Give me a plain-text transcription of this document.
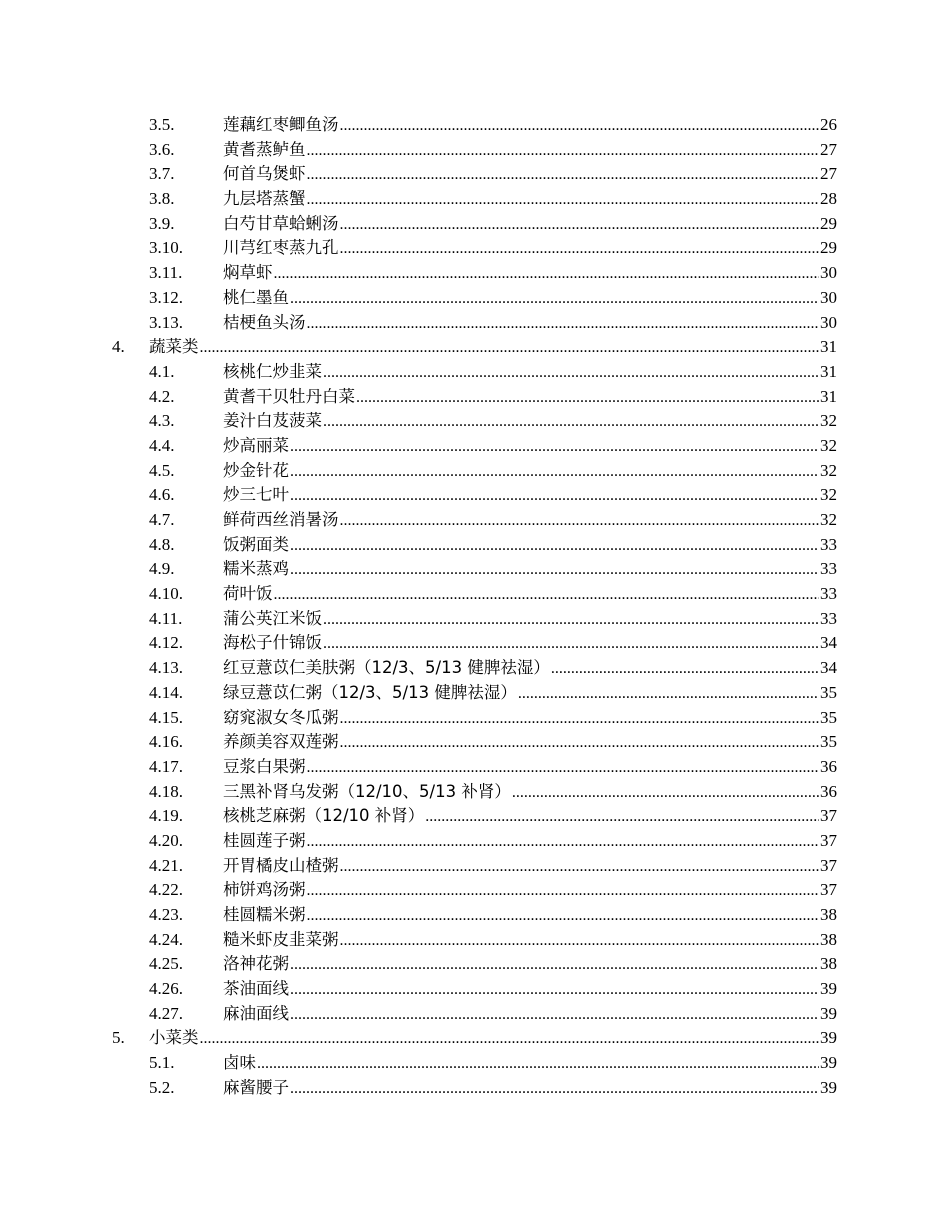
3.5.	莲藕红枣鲫鱼汤 .....	26
3.6.	黄耆蒸鲈鱼 .....	27
3.7.	何首乌煲虾 .....	27
3.8.	九层塔蒸蟹 .....	28
3.9.	白芍甘草蛤蜊汤 .....	29
3.10. 川芎红枣蒸九孔 .....	29
3.11. 焖草虾 .....	30
3.12. 桃仁墨鱼 .....	30
3.13. 桔梗鱼头汤 .....	30
4. 蔬菜类 .....	31
4.1.	核桃仁炒韭菜 .....	31
4.2.	黄耆干贝牡丹白菜 .....	31
4.3.	姜汁白芨菠菜 .....	32
4.4.	炒高丽菜 .....	32
4.5.	炒金针花 .....	32
4.6.	炒三七叶 .....	32
4.7.	鲜荷西丝消暑汤 .....	32
4.8.	饭粥面类 .....	33
4.9.	糯米蒸鸡 .....	33
4.10. 荷叶饭 .....	33
4.11. 蒲公英江米饭 .....	33
4.12. 海松子什锦饭 .....	34
4.13. 红豆薏苡仁美肤粥（12/3、5/13 健脾祛湿） .....	34
4.14. 绿豆薏苡仁粥（12/3、5/13 健脾祛湿） .....	35
4.15. 窈窕淑女冬瓜粥 .....	35
4.16. 养颜美容双莲粥 .....	35
4.17. 豆浆白果粥 .....	36
4.18. 三黑补肾乌发粥（12/10、5/13 补肾） .....	36
4.19. 核桃芝麻粥（12/10 补肾） .....	37
4.20. 桂圆莲子粥 .....	37
4.21. 开胃橘皮山楂粥 .....	37
4.22. 柿饼鸡汤粥 .....	37
4.23. 桂圆糯米粥 .....	38
4.24. 糙米虾皮韭菜粥 .....	38
4.25. 洛神花粥 .....	38
4.26. 茶油面线 .....	39
4.27. 麻油面线 .....	39
5. 小菜类 .....	39
5.1.	卤味 .....	39
5.2.	麻酱腰子 .....	39
